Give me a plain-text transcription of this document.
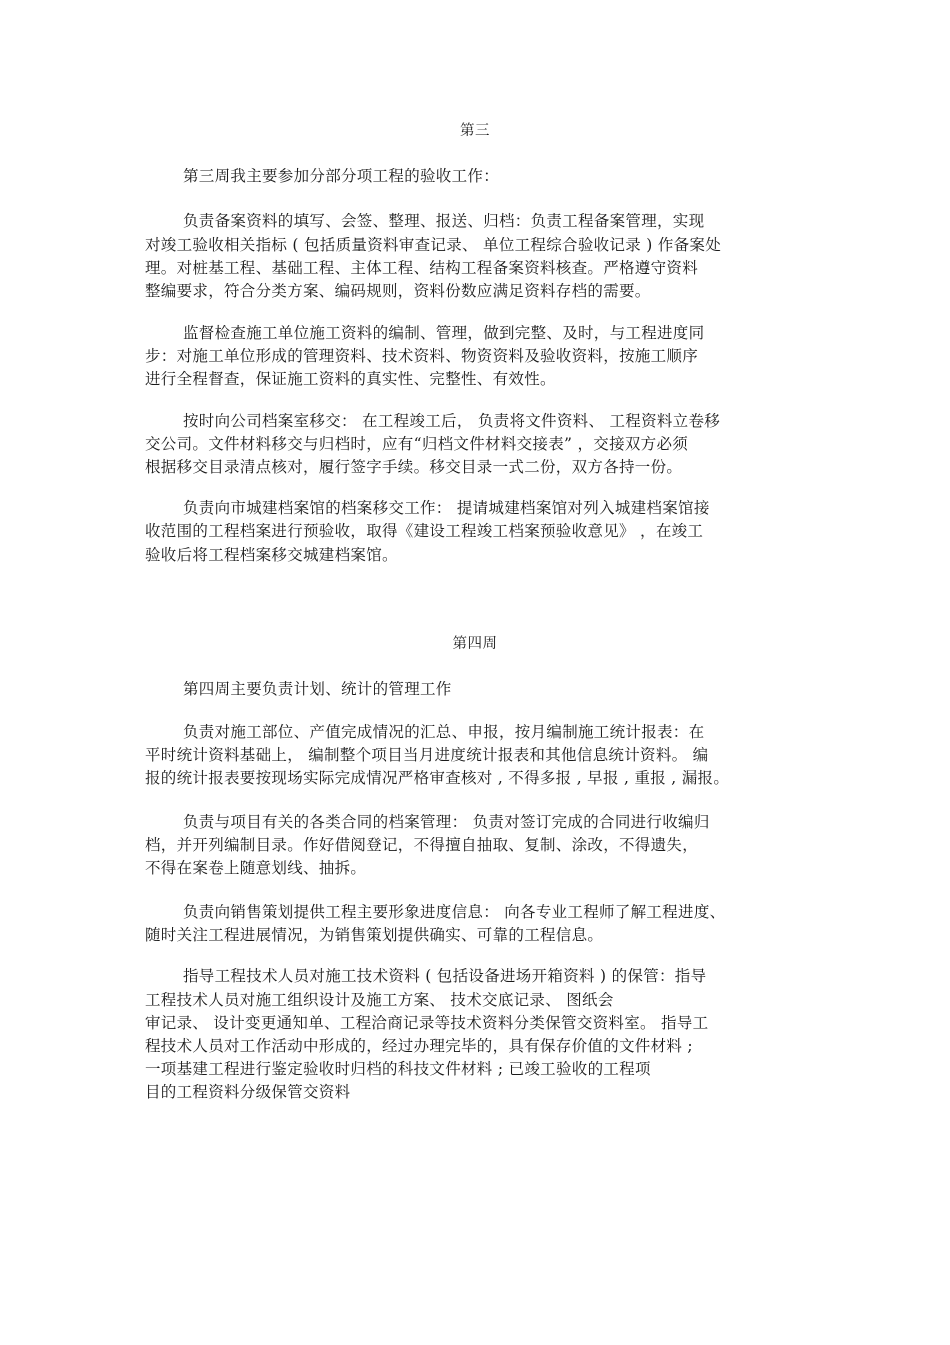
第三
第三周我主要参加分部分项工程的验收工作：
负责备案资料的填写、会签、整理、报送、归档：负责工程备案管理，实现
对竣工验收相关指标 ( 包括质量资料审查记录、 单位工程综合验收记录 ) 作备案处
理。对桩基工程、基础工程、主体工程、结构工程备案资料核查。严格遵守资料
整编要求，符合分类方案、编码规则，资料份数应满足资料存档的需要。
监督检查施工单位施工资料的编制、管理，做到完整、及时，与工程进度同
步：对施工单位形成的管理资料、技术资料、物资资料及验收资料，按施工顺序
进行全程督查，保证施工资料的真实性、完整性、有效性。
按时向公司档案室移交： 在工程竣工后， 负责将文件资料、 工程资料立卷移
交公司。文件材料移交与归档时，应有“归档文件材料交接表” ，交接双方必须
根据移交目录清点核对，履行签字手续。移交目录一式二份，双方各持一份。
负责向市城建档案馆的档案移交工作： 提请城建档案馆对列入城建档案馆接
收范围的工程档案进行预验收，取得《建设工程竣工档案预验收意见》 ，在竣工
验收后将工程档案移交城建档案馆。
第四周
第四周主要负责计划、统计的管理工作
负责对施工部位、产值完成情况的汇总、申报，按月编制施工统计报表：在
平时统计资料基础上， 编制整个项目当月进度统计报表和其他信息统计资料。 编
报的统计报表要按现场实际完成情况严格审查核对 , 不得多报 , 早报 , 重报 , 漏报。
负责与项目有关的各类合同的档案管理： 负责对签订完成的合同进行收编归
档，并开列编制目录。作好借阅登记，不得擅自抽取、复制、涂改，不得遗失，
不得在案卷上随意划线、抽拆。
负责向销售策划提供工程主要形象进度信息： 向各专业工程师了解工程进度、
随时关注工程进展情况，为销售策划提供确实、可靠的工程信息。
指导工程技术人员对施工技术资料 ( 包括设备进场开箱资料 ) 的保管：指导
工程技术人员对施工组织设计及施工方案、 技术交底记录、 图纸会
审记录、 设计变更通知单、工程洽商记录等技术资料分类保管交资料室。 指导工
程技术人员对工作活动中形成的，经过办理完毕的，具有保存价值的文件材料 ;
一项基建工程进行鉴定验收时归档的科技文件材料 ; 已竣工验收的工程项
目的工程资料分级保管交资料
